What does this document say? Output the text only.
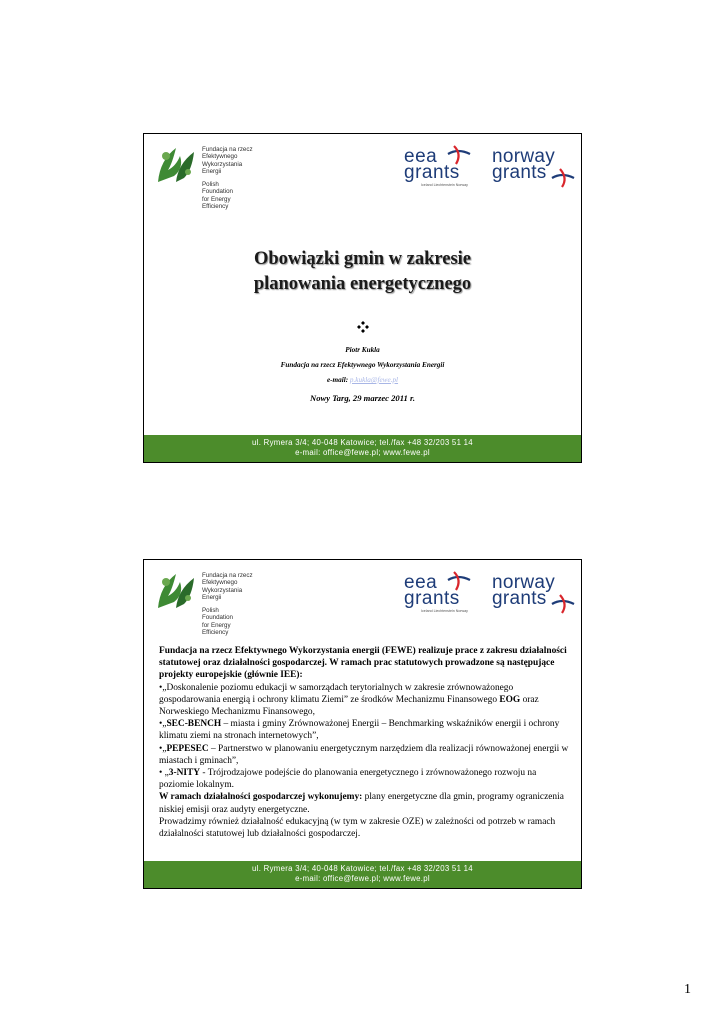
Fundacja na rzecz
Efektywnego
Wykorzystania
Energii
Polish
Foundation
for Energy
Efficiency
eea
grants
Iceland Liechtenstein Norway
norway
grants
Obowiązki gmin w zakresie
planowania energetycznego
Piotr Kukla
Fundacja na rzecz Efektywnego Wykorzystania Energii
e-mail: p.kukla@fewe.pl
Nowy Targ, 29 marzec 2011 r.
ul. Rymera 3/4; 40-048 Katowice; tel./fax +48 32/203 51 14
e-mail: office@fewe.pl; www.fewe.pl
Fundacja na rzecz
Efektywnego
Wykorzystania
Energii
Polish
Foundation
for Energy
Efficiency
eea
grants
Iceland Liechtenstein Norway
norway
grants

Fundacja na rzecz Efektywnego Wykorzystania energii (FEWE) realizuje prace z zakresu działalności statutowej oraz działalności gospodarczej. W ramach prac statutowych prowadzone są następujące projekty europejskie (głównie IEE):

•„Doskonalenie poziomu edukacji w samorządach terytorialnych w zakresie zrównoważonego gospodarowania energią i ochrony klimatu Ziemi” ze środków Mechanizmu Finansowego EOG oraz Norweskiego Mechanizmu Finansowego,

•„SEC-BENCH – miasta i gminy Zrównoważonej Energii – Benchmarking wskaźników energii i ochrony klimatu ziemi na stronach internetowych”,

•„PEPESEC – Partnerstwo w planowaniu energetycznym narzędziem dla realizacji równoważonej energii w miastach i gminach”,

• „3-NITY - Trójrodzajowe podejście do planowania energetycznego i zrównoważonego rozwoju na poziomie lokalnym.

W ramach działalności gospodarczej wykonujemy: plany energetyczne dla gmin, programy ograniczenia niskiej emisji oraz audyty energetyczne.

Prowadzimy również działalność edukacyjną (w tym w zakresie OZE) w zależności od potrzeb w ramach działalności statutowej lub działalności gospodarczej.

ul. Rymera 3/4; 40-048 Katowice; tel./fax +48 32/203 51 14
e-mail: office@fewe.pl; www.fewe.pl
1
